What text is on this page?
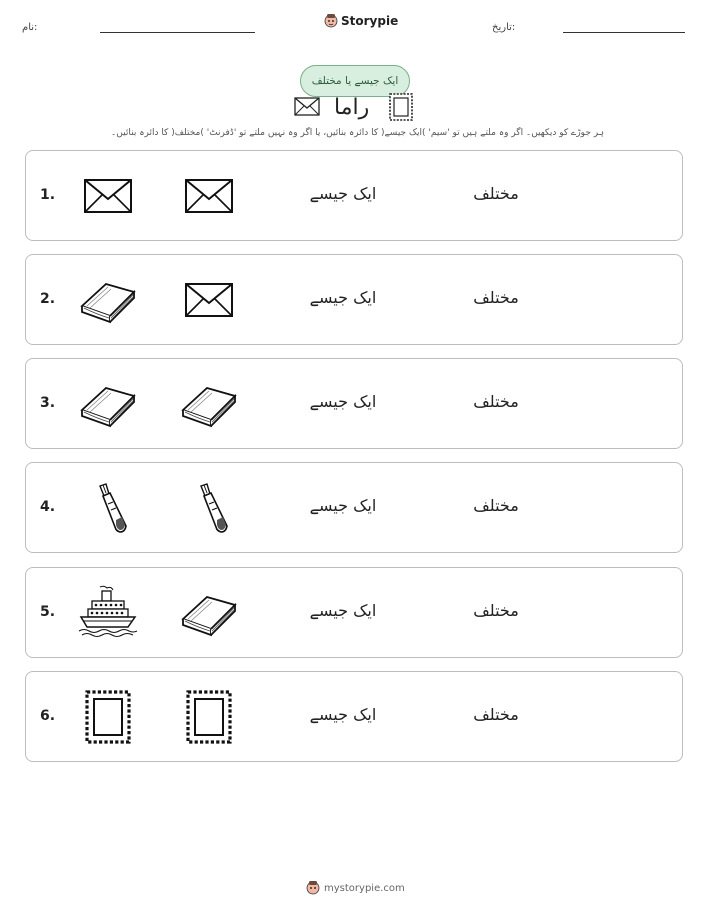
نام:	Storypie	تاریخ:
ایک جیسے یا مختلف
راما
ہر جوڑے کو دیکھیں۔ اگر وہ ملتے ہیں تو 'سیم' )ایک جیسے( کا دائرہ بنائیں، یا اگر وہ نہیں ملتے تو 'ڈفرنٹ' )مختلف( کا دائرہ بنائیں۔
1.	ایک جیسے	مختلف
2.	ایک جیسے	مختلف
3.	ایک جیسے	مختلف
4.	ایک جیسے	مختلف
5.	ایک جیسے	مختلف
6.	ایک جیسے	مختلف
mystorypie.com
